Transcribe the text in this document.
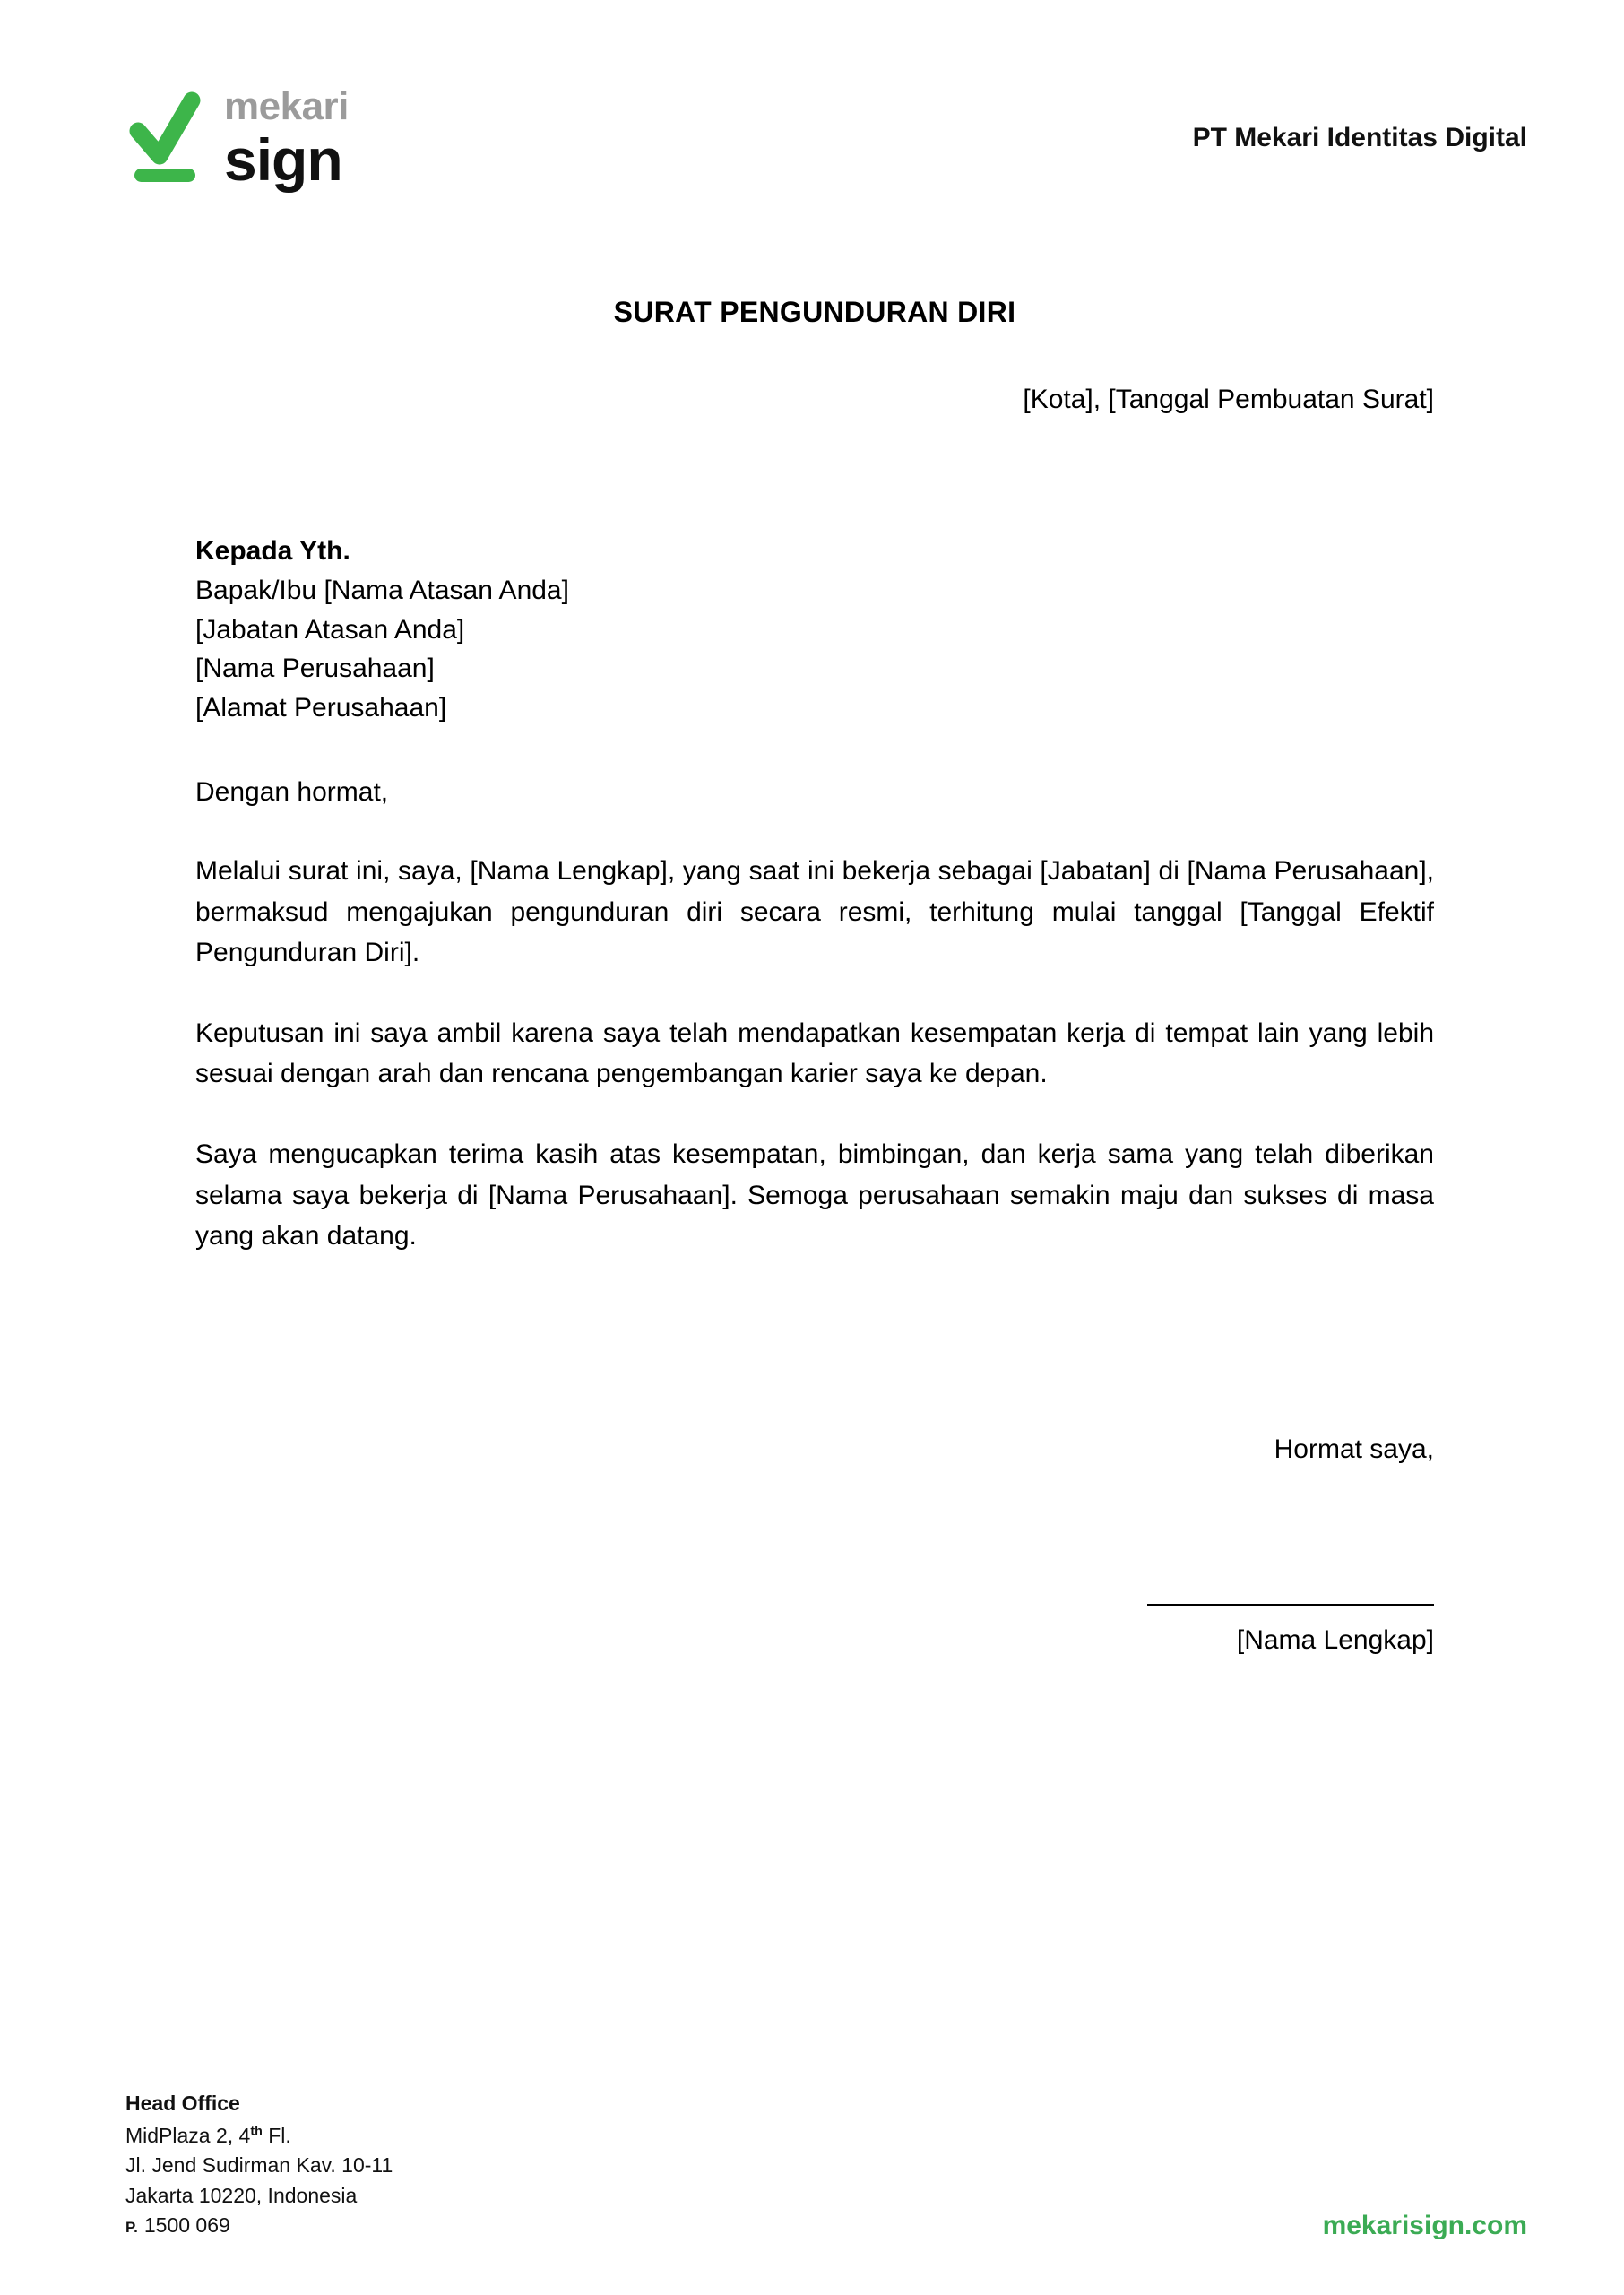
mekari
sign	PT Mekari Identitas Digital
SURAT PENGUNDURAN DIRI
[Kota], [Tanggal Pembuatan Surat]
Kepada Yth.
Bapak/Ibu [Nama Atasan Anda]
[Jabatan Atasan Anda]
[Nama Perusahaan]
[Alamat Perusahaan]
Dengan hormat,

Melalui surat ini, saya, [Nama Lengkap], yang saat ini bekerja sebagai [Jabatan] di [Nama Perusahaan], bermaksud mengajukan pengunduran diri secara resmi, terhitung mulai tanggal [Tanggal Efektif Pengunduran Diri].

Keputusan ini saya ambil karena saya telah mendapatkan kesempatan kerja di tempat lain yang lebih sesuai dengan arah dan rencana pengembangan karier saya ke depan.

Saya mengucapkan terima kasih atas kesempatan, bimbingan, dan kerja sama yang telah diberikan selama saya bekerja di [Nama Perusahaan]. Semoga perusahaan semakin maju dan sukses di masa yang akan datang.

Hormat saya,
[Nama Lengkap]
Head Office
MidPlaza 2, 4th Fl.
Jl. Jend Sudirman Kav. 10-11
Jakarta 10220, Indonesia
P. 1500 069	mekarisign.com
